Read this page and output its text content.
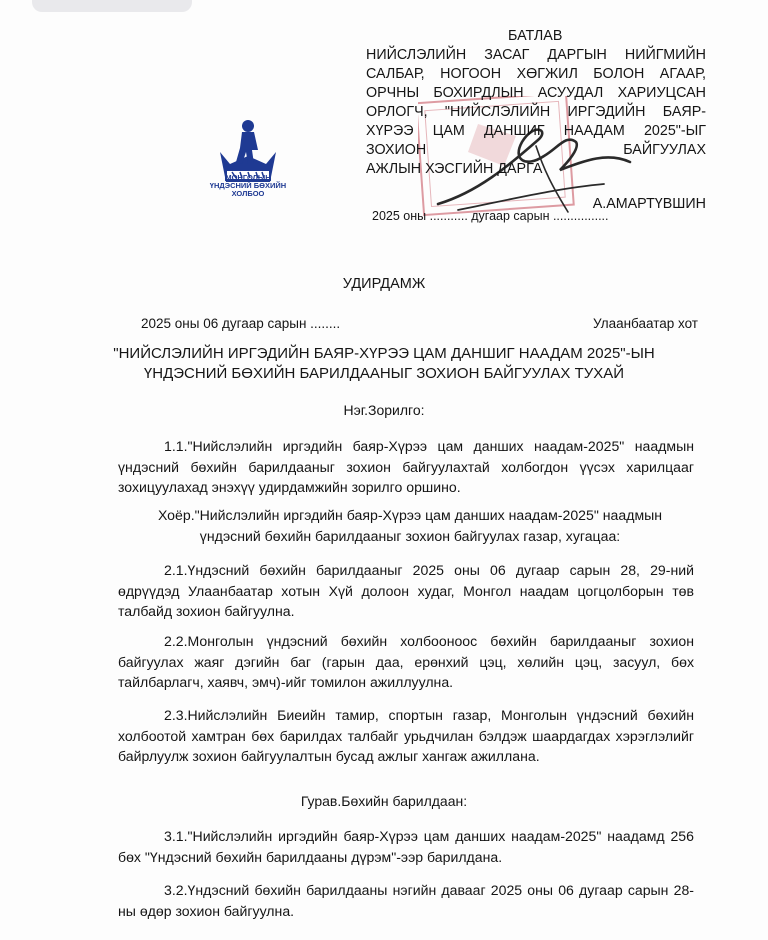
МОНГОЛЫН
ҮНДЭСНИЙ БӨХИЙН
ХОЛБОО
БАТЛАВ
НИЙСЛЭЛИЙН ЗАСАГ ДАРГЫН НИЙГМИЙН САЛБАР, НОГООН ХӨГЖИЛ БОЛОН АГААР, ОРЧНЫ БОХИРДЛЫН АСУУДАЛ ХАРИУЦСАН ОРЛОГЧ, "НИЙСЛЭЛИЙН ИРГЭДИЙН БАЯР-ХҮРЭЭ ЦАМ ДАНШИГ НААДАМ 2025"-ЫГ ЗОХИОН БАЙГУУЛАХ
АЖЛЫН ХЭСГИЙН ДАРГА
А.АМАРТҮВШИН
2025 оны ........... дугаар сарын ................
УДИРДАМЖ
2025 оны 06 дугаар сарын ........	Улаанбаатар хот
"НИЙСЛЭЛИЙН ИРГЭДИЙН БАЯР-ХҮРЭЭ ЦАМ ДАНШИГ НААДАМ 2025"-ЫН ҮНДЭСНИЙ БӨХИЙН БАРИЛДААНЫГ ЗОХИОН БАЙГУУЛАХ ТУХАЙ
Нэг.Зорилго:
1.1."Нийслэлийн иргэдийн баяр-Хүрээ цам данших наадам-2025" наадмын үндэсний бөхийн барилдааныг зохион байгуулахтай холбогдон үүсэх харилцааг зохицуулахад энэхүү удирдамжийн зорилго оршино.
Хоёр."Нийслэлийн иргэдийн баяр-Хүрээ цам данших наадам-2025" наадмын үндэсний бөхийн барилдааныг зохион байгуулах газар, хугацаа:
2.1.Үндэсний бөхийн барилдааныг 2025 оны 06 дугаар сарын 28, 29-ний өдрүүдэд Улаанбаатар хотын Хүй долоон худаг, Монгол наадам цогцолборын төв талбайд зохион байгуулна.
2.2.Монголын үндэсний бөхийн холбооноос бөхийн барилдааныг зохион байгуулах жаяг дэгийн баг (гарын даа, ерөнхий цэц, хөлийн цэц, засуул, бөх тайлбарлагч, хаявч, эмч)-ийг томилон ажиллуулна.
2.3.Нийслэлийн Биеийн тамир, спортын газар, Монголын үндэсний бөхийн холбоотой хамтран бөх барилдах талбайг урьдчилан бэлдэж шаардагдах хэрэглэлийг байрлуулж зохион байгуулалтын бусад ажлыг хангаж ажиллана.
Гурав.Бөхийн барилдаан:
3.1."Нийслэлийн иргэдийн баяр-Хүрээ цам данших наадам-2025" наадамд 256 бөх "Үндэсний бөхийн барилдааны дүрэм"-ээр барилдана.
3.2.Үндэсний бөхийн барилдааны нэгийн давааг 2025 оны 06 дугаар сарын 28-ны өдөр зохион байгуулна.
